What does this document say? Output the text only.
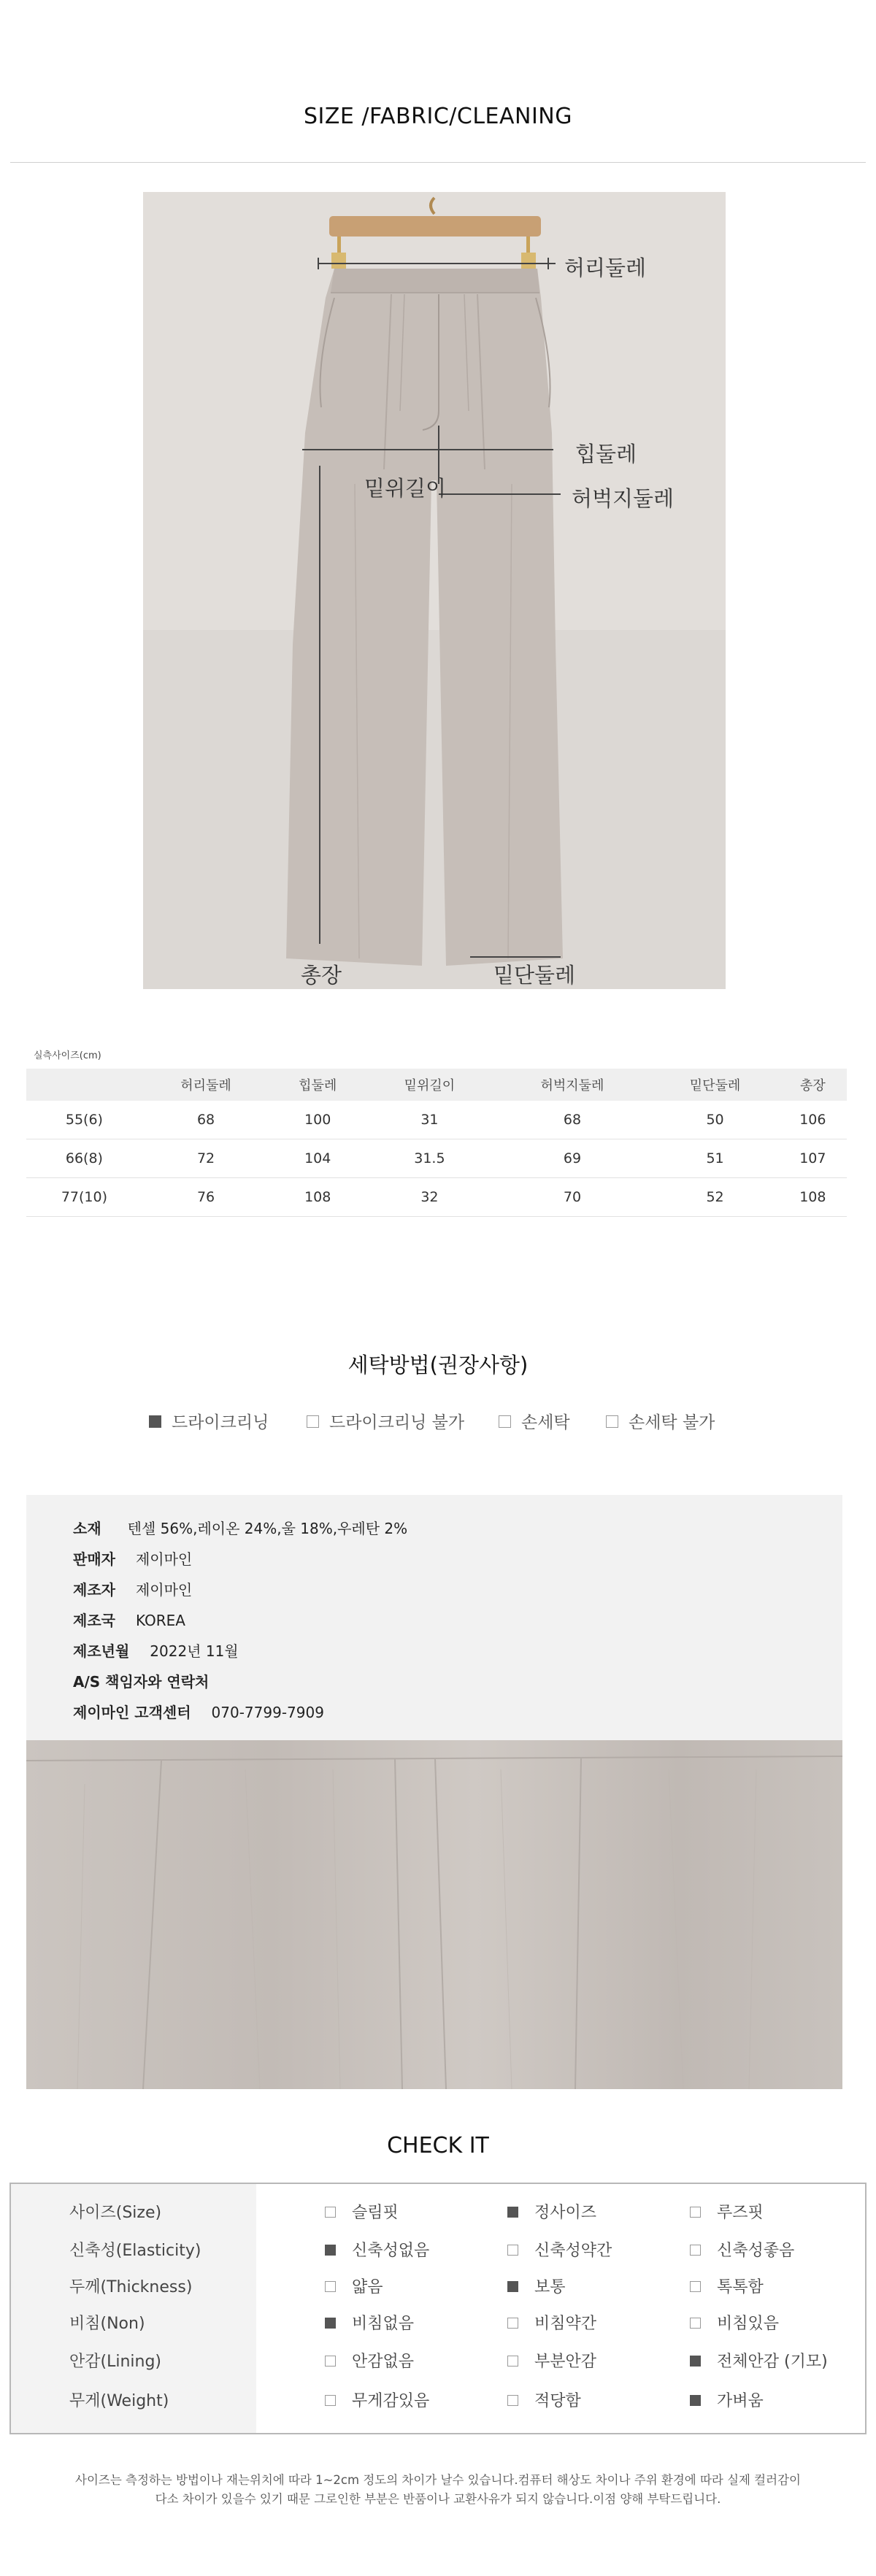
SIZE /FABRIC/CLEANING
허리둘레
힙둘레
밑위길이	허벅지둘레
총장	밑단둘레
실측사이즈(cm)
	허리둘레	힙둘레	밑위길이	허벅지둘레	밑단둘레	총장
55(6)	68	100	31	68	50	106
66(8)	72	104	31.5	69	51	107
77(10)	76	108	32	70	52	108
세탁방법(권장사항)
드라이크리닝	드라이크리닝 불가	손세탁	손세탁 불가
소재 텐셀 56%,레이온 24%,울 18%,우레탄 2%
판매자 제이마인
제조자 제이마인
제조국 KOREA
제조년월 2022년 11월
A/S 책임자와 연락처
제이마인 고객센터 070-7799-7909
CHECK IT
사이즈(Size)	슬림핏	정사이즈	루즈핏
신축성(Elasticity)	신축성없음	신축성약간	신축성좋음
두께(Thickness)	얇음	보통	톡톡함
비침(Non)	비침없음	비침약간	비침있음
안감(Lining)	안감없음	부분안감	전체안감 (기모)
무게(Weight)	무게감있음	적당함	가벼움
사이즈는 측정하는 방법이나 재는위치에 따라 1~2cm 정도의 차이가 날수 있습니다.컴퓨터 해상도 차이나 주위 환경에 따라 실제 컬러감이
다소 차이가 있을수 있기 때문 그로인한 부분은 반품이나 교환사유가 되지 않습니다.이점 양해 부탁드립니다.
